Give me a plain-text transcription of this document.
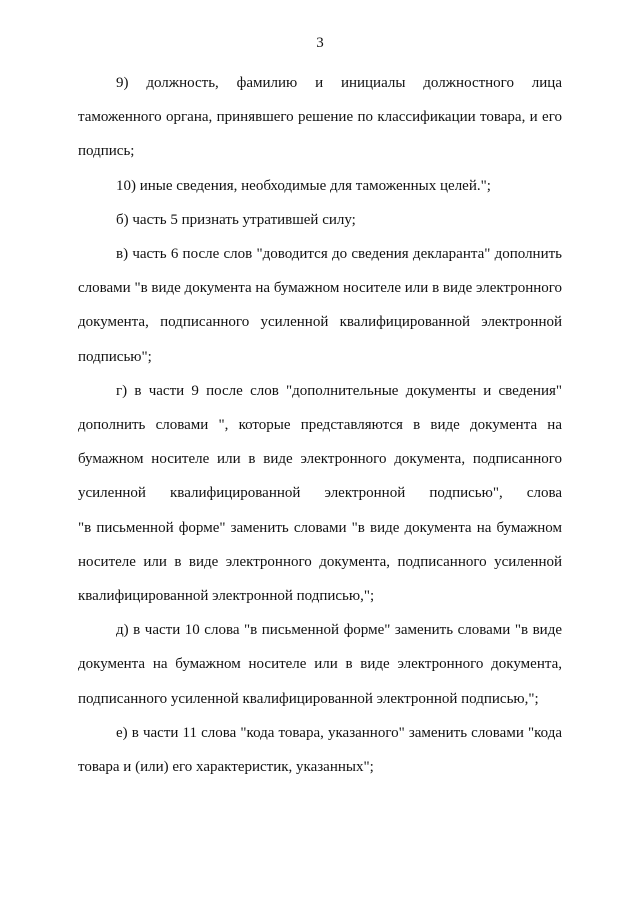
3
9) должность, фамилию и инициалы должностного лица
таможенного органа, принявшего решение по классификации товара, и его
подпись;
10) иные сведения, необходимые для таможенных целей.";
б) часть 5 признать утратившей силу;
в) часть 6 после слов "доводится до сведения декларанта" дополнить
словами "в виде документа на бумажном носителе или в виде электронного
документа, подписанного усиленной квалифицированной электронной
подписью";
г) в части 9 после слов "дополнительные документы и сведения"
дополнить словами ", которые представляются в виде документа на
бумажном носителе или в виде электронного документа, подписанного
усиленной квалифицированной электронной подписью", слова
"в письменной форме" заменить словами "в виде документа на бумажном
носителе или в виде электронного документа, подписанного усиленной
квалифицированной электронной подписью,";
д) в части 10 слова "в письменной форме" заменить словами "в виде
документа на бумажном носителе или в виде электронного документа,
подписанного усиленной квалифицированной электронной подписью,";
е) в части 11 слова "кода товара, указанного" заменить словами "кода
товара и (или) его характеристик, указанных";
